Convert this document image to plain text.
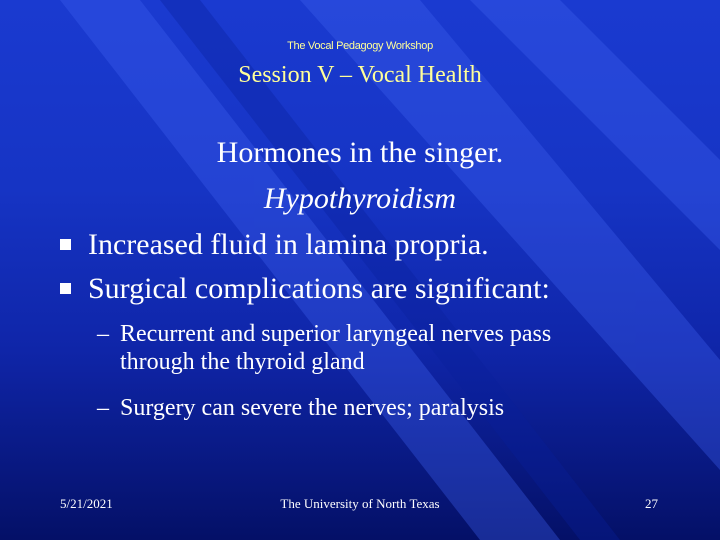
The Vocal Pedagogy Workshop
Session V – Vocal Health
Hormones in the singer.
Hypothyroidism
Increased fluid in lamina propria.
Surgical complications are significant:
– Recurrent and superior laryngeal nerves pass
through the thyroid gland
– Surgery can severe the nerves; paralysis
5/21/2021	The University of North Texas	27
